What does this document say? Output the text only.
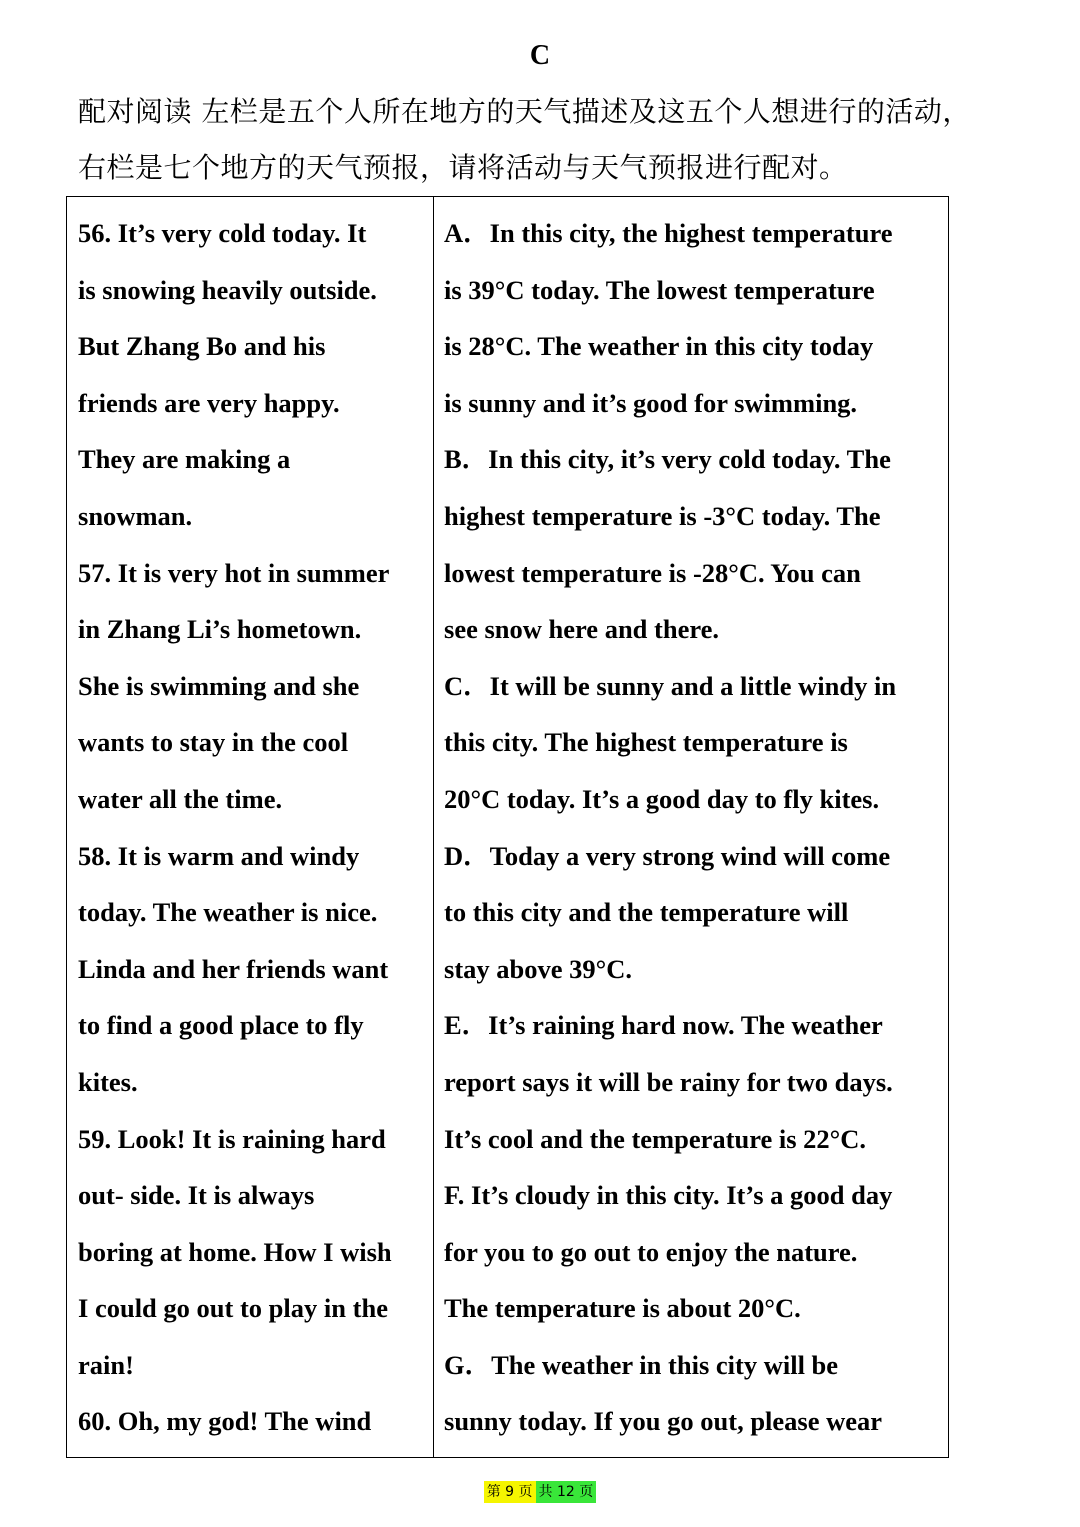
C
配对阅读 左栏是五个人所在地方的天气描述及这五个人想进行的活动，
右栏是七个地方的天气预报，请将活动与天气预报进行配对。
56. It’s very cold today. It
is snowing heavily outside.
But Zhang Bo and his
friends are very happy.
They are making a
snowman.
57. It is very hot in summer
in Zhang Li’s hometown.
She is swimming and she
wants to stay in the cool
water all the time.
58. It is warm and windy
today. The weather is nice.
Linda and her friends want
to find a good place to fly
kites.
59. Look! It is raining hard
out- side. It is always
boring at home. How I wish
I could go out to play in the
rain!
60. Oh, my god! The wind
A．In this city, the highest temperature
is 39°C today. The lowest temperature
is 28°C. The weather in this city today
is sunny and it’s good for swimming.
B．In this city, it’s very cold today. The
highest temperature is -3°C today. The
lowest temperature is -28°C. You can
see snow here and there.
C．It will be sunny and a little windy in
this city. The highest temperature is
20°C today. It’s a good day to fly kites.
D．Today a very strong wind will come
to this city and the temperature will
stay above 39°C.
E．It’s raining hard now. The weather
report says it will be rainy for two days.
It’s cool and the temperature is 22°C.
F. It’s cloudy in this city. It’s a good day
for you to go out to enjoy the nature.
The temperature is about 20°C.
G．The weather in this city will be
sunny today. If you go out, please wear
第 9 页 共 12 页
